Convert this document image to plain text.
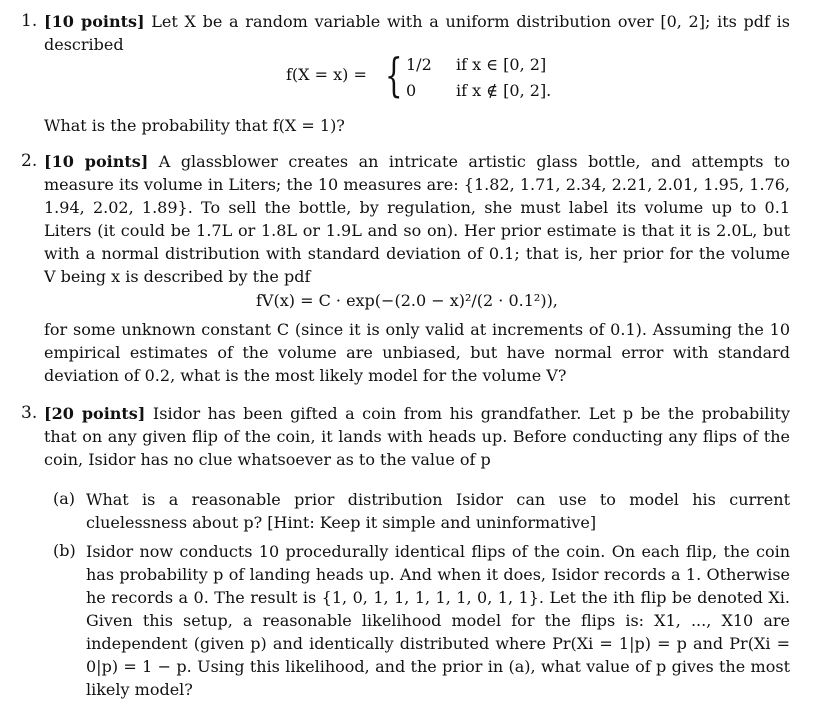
1. [10 points] Let X be a random variable with a uniform distribution over [0, 2]; its pdf is described
f(X = x) = { 1/2 if x ∈ [0, 2]
0 if x ∉ [0, 2].
What is the probability that f(X = 1)?
2. [10 points] A glassblower creates an intricate artistic glass bottle, and attempts to measure its volume in Liters; the 10 measures are: {1.82, 1.71, 2.34, 2.21, 2.01, 1.95, 1.76, 1.94, 2.02, 1.89}. To sell the bottle, by regulation, she must label its volume up to 0.1 Liters (it could be 1.7L or 1.8L or 1.9L and so on). Her prior estimate is that it is 2.0L, but with a normal distribution with standard deviation of 0.1; that is, her prior for the volume V being x is described by the pdf
fV(x) = C · exp(−(2.0 − x)²/(2 · 0.1²)),
for some unknown constant C (since it is only valid at increments of 0.1). Assuming the 10 empirical estimates of the volume are unbiased, but have normal error with standard deviation of 0.2, what is the most likely model for the volume V?
3. [20 points] Isidor has been gifted a coin from his grandfather. Let p be the probability that on any given flip of the coin, it lands with heads up. Before conducting any flips of the coin, Isidor has no clue whatsoever as to the value of p
(a) What is a reasonable prior distribution Isidor can use to model his current cluelessness about p? [Hint: Keep it simple and uninformative]
(b) Isidor now conducts 10 procedurally identical flips of the coin. On each flip, the coin has probability p of landing heads up. And when it does, Isidor records a 1. Otherwise he records a 0. The result is {1, 0, 1, 1, 1, 1, 1, 0, 1, 1}. Let the ith flip be denoted Xi. Given this setup, a reasonable likelihood model for the flips is: X1, ..., X10 are independent (given p) and identically distributed where Pr(Xi = 1|p) = p and Pr(Xi = 0|p) = 1 − p. Using this likelihood, and the prior in (a), what value of p gives the most likely model?
